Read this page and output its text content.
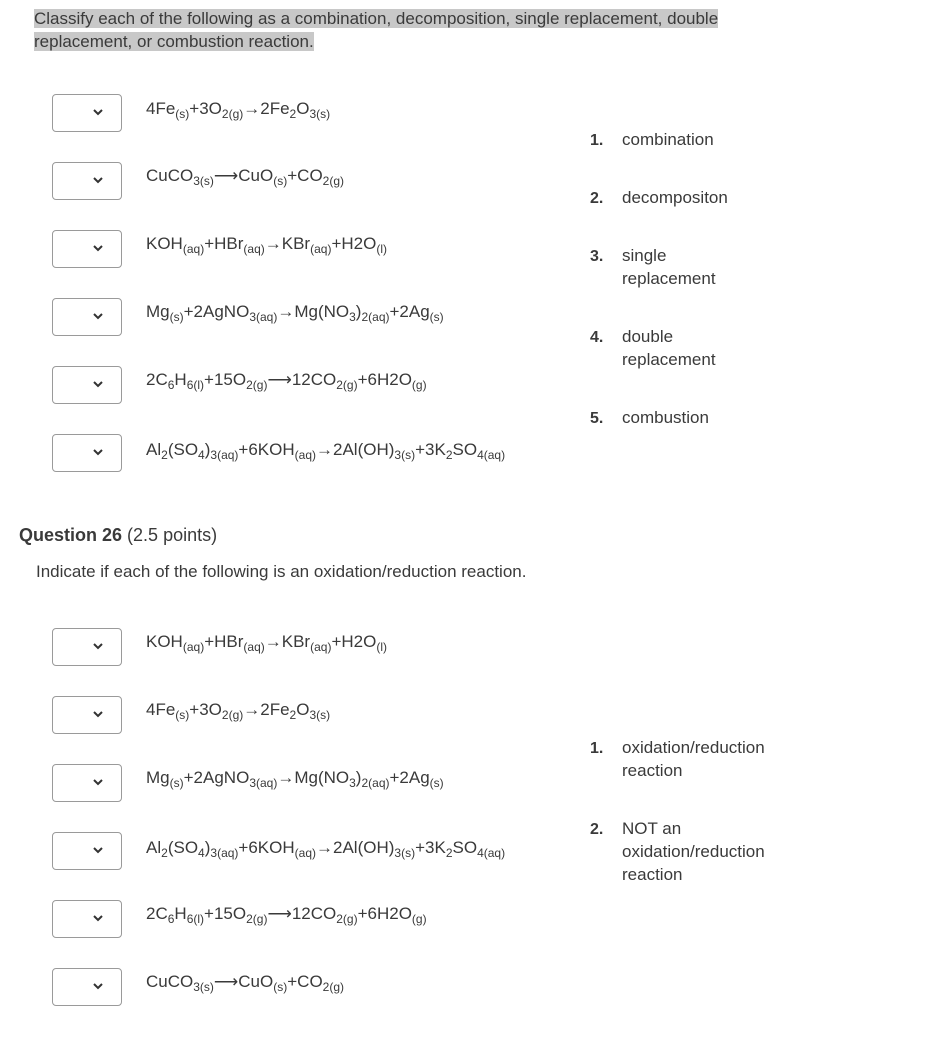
Classify each of the following as a combination, decomposition, single replacement, double replacement, or combustion reaction.
$4Fe_{(s)}+3O_{2(g)}\to 2Fe_2O_{3(s)}$
$CuCO_{3(s)}⟶CuO_{(s)}+CO_{2(g)}$
$KOH_{(aq)}+HBr_{(aq)}\to KBr_{(aq)}+H2O_{(l)}$
$Mg_{(s)}+2AgNO_{3(aq)}\to Mg(NO_3)_{2(aq)}+2Ag_{(s)}$
$2C_6H_{6(l)}+15O_{2(g)}⟶12CO_{2(g)}+6H2O_{(g)}$
$Al_2(SO_4)_{3(aq)}+6KOH_{(aq)}\to 2Al(OH)_{3(s)}+3K_2SO_{4(aq)}$
1. combination
2. decompositon
3. single replacement
4. double replacement
5. combustion
Question 26 (2.5 points)
Indicate if each of the following is an oxidation/reduction reaction.
$KOH_{(aq)}+HBr_{(aq)}\to KBr_{(aq)}+H2O_{(l)}$
$4Fe_{(s)}+3O_{2(g)}\to 2Fe_2O_{3(s)}$
$Mg_{(s)}+2AgNO_{3(aq)}\to Mg(NO_3)_{2(aq)}+2Ag_{(s)}$
$Al_2(SO_4)_{3(aq)}+6KOH_{(aq)}\to 2Al(OH)_{3(s)}+3K_2SO_{4(aq)}$
$2C_6H_{6(l)}+15O_{2(g)}⟶12CO_{2(g)}+6H2O_{(g)}$
$CuCO_{3(s)}⟶CuO_{(s)}+CO_{2(g)}$
1. oxidation/reduction reaction
2. NOT an oxidation/reduction reaction
